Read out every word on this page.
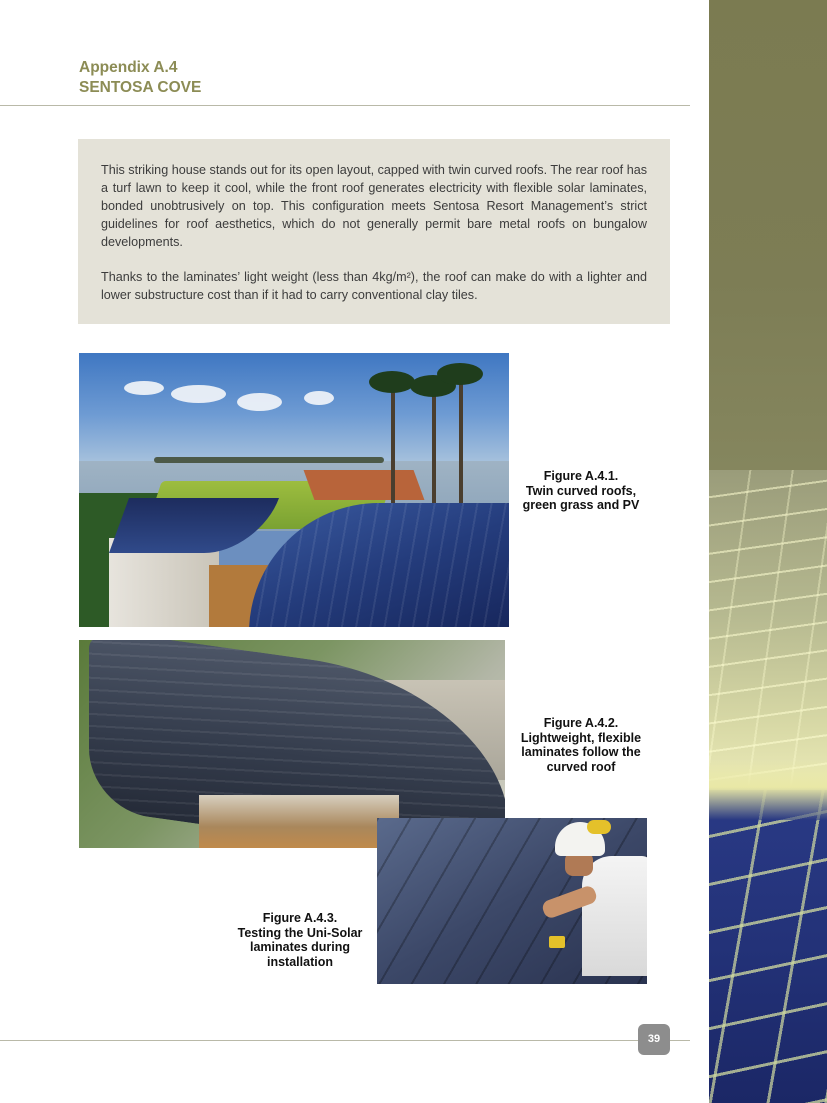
Appendix A.4
SENTOSA COVE

This striking house stands out for its open layout, capped with twin curved roofs. The rear roof has a turf lawn to keep it cool, while the front roof generates electricity with flexible solar laminates, bonded unobtrusively on top. This configuration meets Sentosa Resort Management’s strict guidelines for roof aesthetics, which do not generally permit bare metal roofs on bungalow developments.

Thanks to the laminates’ light weight (less than 4kg/m²), the roof can make do with a lighter and lower substructure cost than if it had to carry conventional clay tiles.

Figure A.4.1.
Twin curved roofs,
green grass and PV
Figure A.4.2.
Lightweight, flexible
laminates follow the
curved roof
Figure A.4.3.
Testing the Uni-Solar
laminates during
installation
39
